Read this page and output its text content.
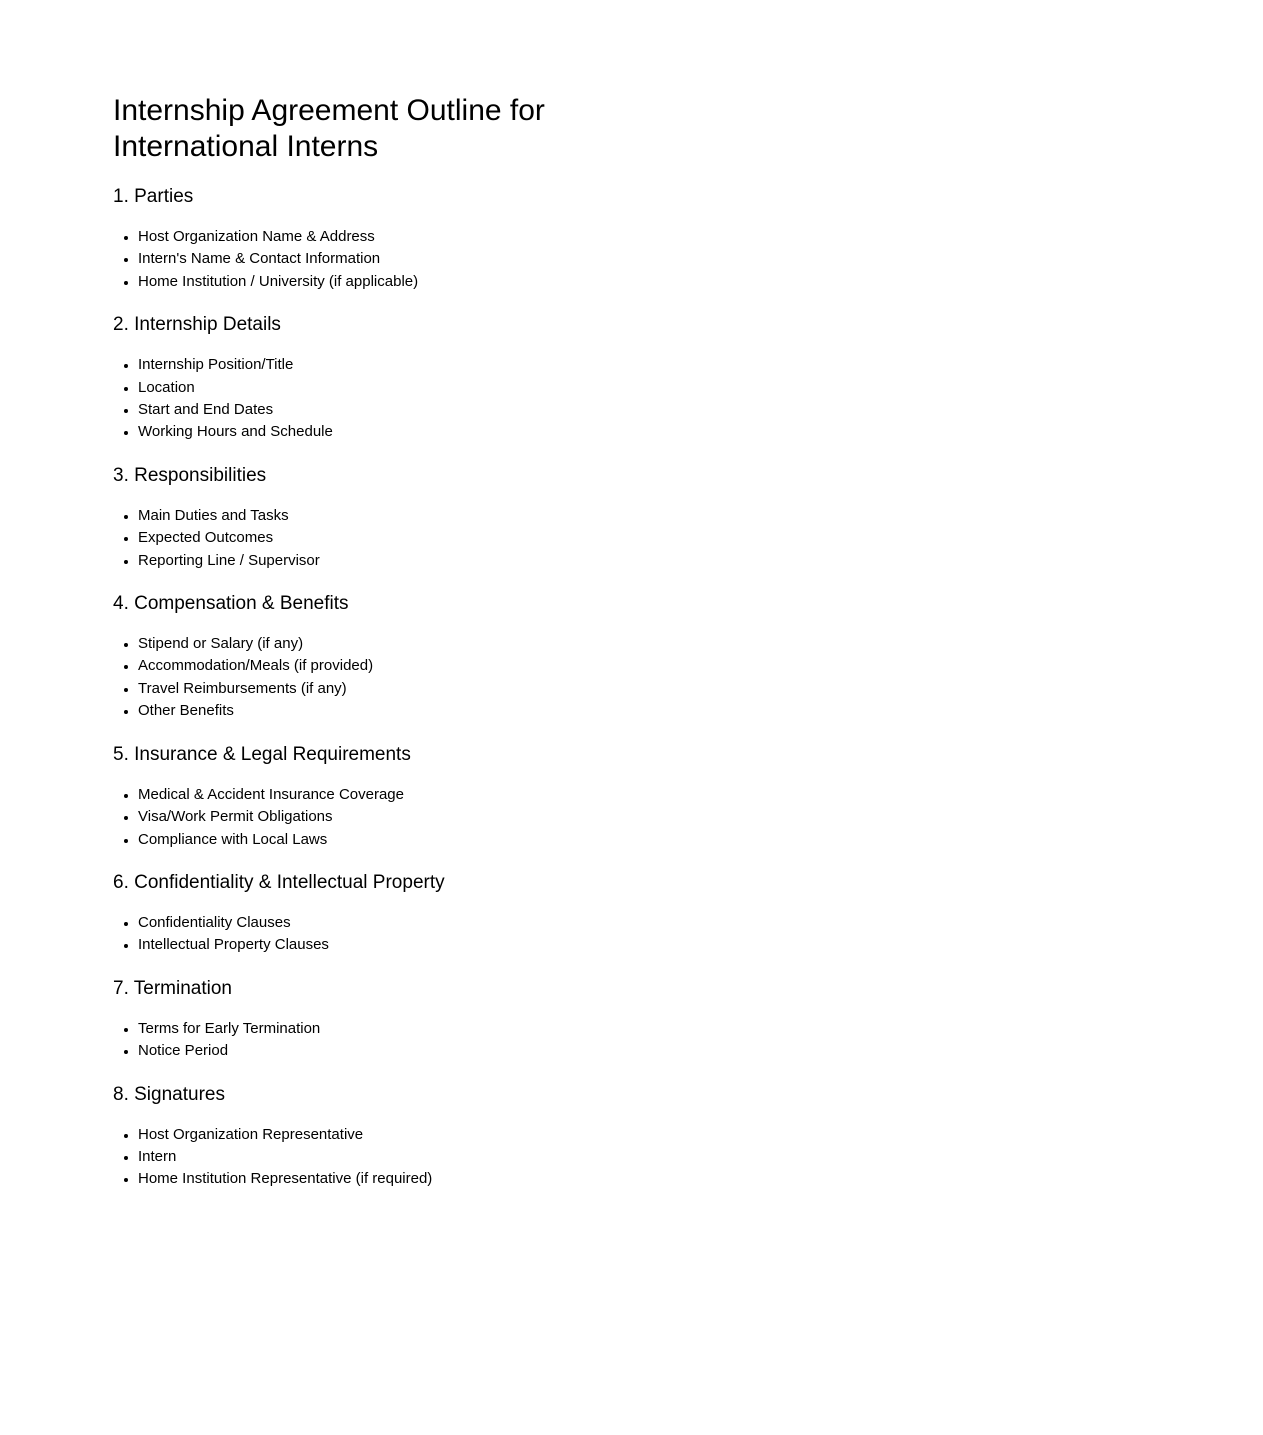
Internship Agreement Outline for International Interns
1. Parties
• Host Organization Name & Address
• Intern's Name & Contact Information
• Home Institution / University (if applicable)
2. Internship Details
• Internship Position/Title
• Location
• Start and End Dates
• Working Hours and Schedule
3. Responsibilities
• Main Duties and Tasks
• Expected Outcomes
• Reporting Line / Supervisor
4. Compensation & Benefits
• Stipend or Salary (if any)
• Accommodation/Meals (if provided)
• Travel Reimbursements (if any)
• Other Benefits
5. Insurance & Legal Requirements
• Medical & Accident Insurance Coverage
• Visa/Work Permit Obligations
• Compliance with Local Laws
6. Confidentiality & Intellectual Property
• Confidentiality Clauses
• Intellectual Property Clauses
7. Termination
• Terms for Early Termination
• Notice Period
8. Signatures
• Host Organization Representative
• Intern
• Home Institution Representative (if required)
